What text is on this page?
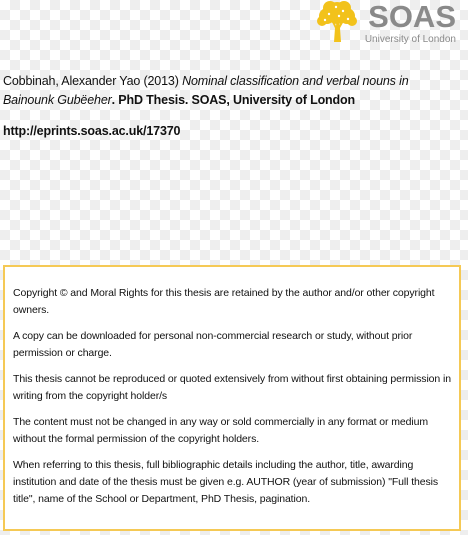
SOAS
University of London
Cobbinah, Alexander Yao (2013) Nominal classification and verbal nouns in Bainounk Gubëeher. PhD Thesis. SOAS, University of London
http://eprints.soas.ac.uk/17370

Copyright © and Moral Rights for this thesis are retained by the author and/or other copyright owners.

A copy can be downloaded for personal non-commercial research or study, without prior permission or charge.

This thesis cannot be reproduced or quoted extensively from without first obtaining permission in writing from the copyright holder/s

The content must not be changed in any way or sold commercially in any format or medium without the formal permission of the copyright holders.

When referring to this thesis, full bibliographic details including the author, title, awarding institution and date of the thesis must be given e.g. AUTHOR (year of submission) "Full thesis title", name of the School or Department, PhD Thesis, pagination.
